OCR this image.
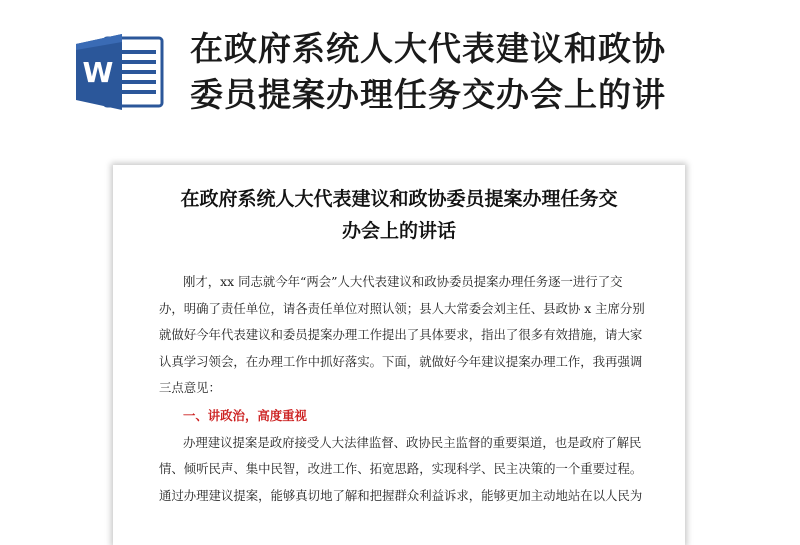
W
在政府系统人大代表建议和政协
委员提案办理任务交办会上的讲
在政府系统人大代表建议和政协委员提案办理任务交
办会上的讲话
刚才，xx 同志就今年“两会”人大代表建议和政协委员提案办理任务逐一进行了交
办，明确了责任单位，请各责任单位对照认领；县人大常委会刘主任、县政协 x 主席分别
就做好今年代表建议和委员提案办理工作提出了具体要求，指出了很多有效措施，请大家
认真学习领会，在办理工作中抓好落实。下面，就做好今年建议提案办理工作，我再强调
三点意见：
一、讲政治，高度重视
办理建议提案是政府接受人大法律监督、政协民主监督的重要渠道，也是政府了解民
情、倾听民声、集中民智，改进工作、拓宽思路，实现科学、民主决策的一个重要过程。
通过办理建议提案，能够真切地了解和把握群众利益诉求，能够更加主动地站在以人民为
